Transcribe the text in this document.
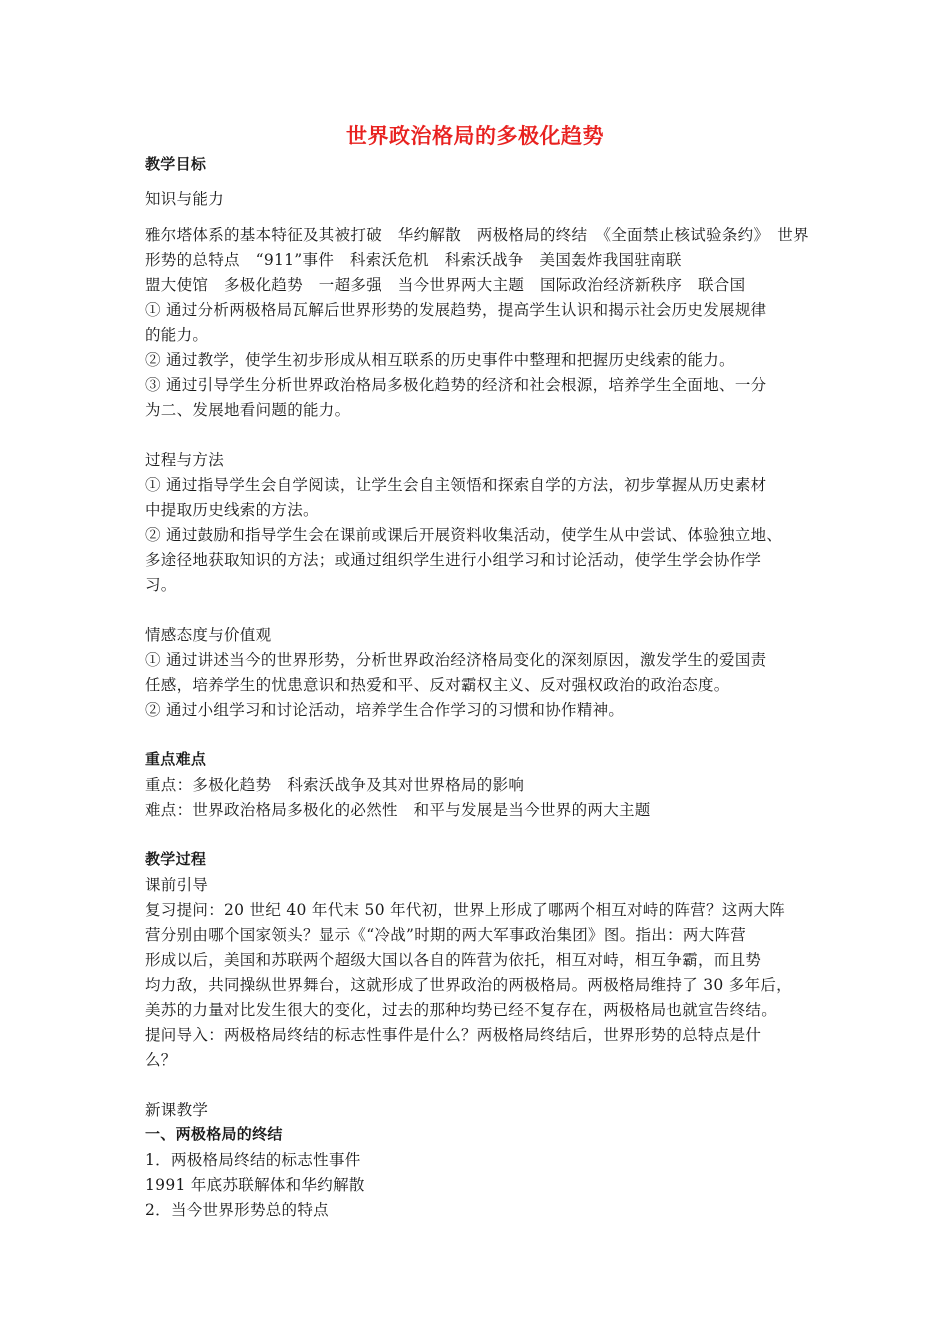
世界政治格局的多极化趋势
教学目标
知识与能力
雅尔塔体系的基本特征及其被打破　华约解散　两极格局的终结　《全面禁止核试验条约》　世界形势的总特点　“911”事件　科索沃危机　科索沃战争　美国轰炸我国驻南联
盟大使馆　多极化趋势　一超多强　当今世界两大主题　国际政治经济新秩序　联合国
① 通过分析两极格局瓦解后世界形势的发展趋势，提高学生认识和揭示社会历史发展规律
的能力。
② 通过教学，使学生初步形成从相互联系的历史事件中整理和把握历史线索的能力。
③ 通过引导学生分析世界政治格局多极化趋势的经济和社会根源，培养学生全面地、一分
为二、发展地看问题的能力。
过程与方法
① 通过指导学生会自学阅读，让学生会自主领悟和探索自学的方法，初步掌握从历史素材
中提取历史线索的方法。
② 通过鼓励和指导学生会在课前或课后开展资料收集活动，使学生从中尝试、体验独立地、
多途径地获取知识的方法；或通过组织学生进行小组学习和讨论活动，使学生学会协作学
习。
情感态度与价值观
① 通过讲述当今的世界形势，分析世界政治经济格局变化的深刻原因，激发学生的爱国责
任感，培养学生的忧患意识和热爱和平、反对霸权主义、反对强权政治的政治态度。
② 通过小组学习和讨论活动，培养学生合作学习的习惯和协作精神。
重点难点
重点：多极化趋势　科索沃战争及其对世界格局的影响
难点：世界政治格局多极化的必然性　和平与发展是当今世界的两大主题
教学过程
课前引导
复习提问：20 世纪 40 年代末 50 年代初，世界上形成了哪两个相互对峙的阵营？这两大阵
营分别由哪个国家领头？显示《“冷战”时期的两大军事政治集团》图。指出：两大阵营
形成以后，美国和苏联两个超级大国以各自的阵营为依托，相互对峙，相互争霸，而且势
均力敌，共同操纵世界舞台，这就形成了世界政治的两极格局。两极格局维持了 30 多年后，
美苏的力量对比发生很大的变化，过去的那种均势已经不复存在，两极格局也就宣告终结。
提问导入：两极格局终结的标志性事件是什么？两极格局终结后，世界形势的总特点是什
么？
新课教学
一、两极格局的终结
1．两极格局终结的标志性事件
1991 年底苏联解体和华约解散
2．当今世界形势总的特点
